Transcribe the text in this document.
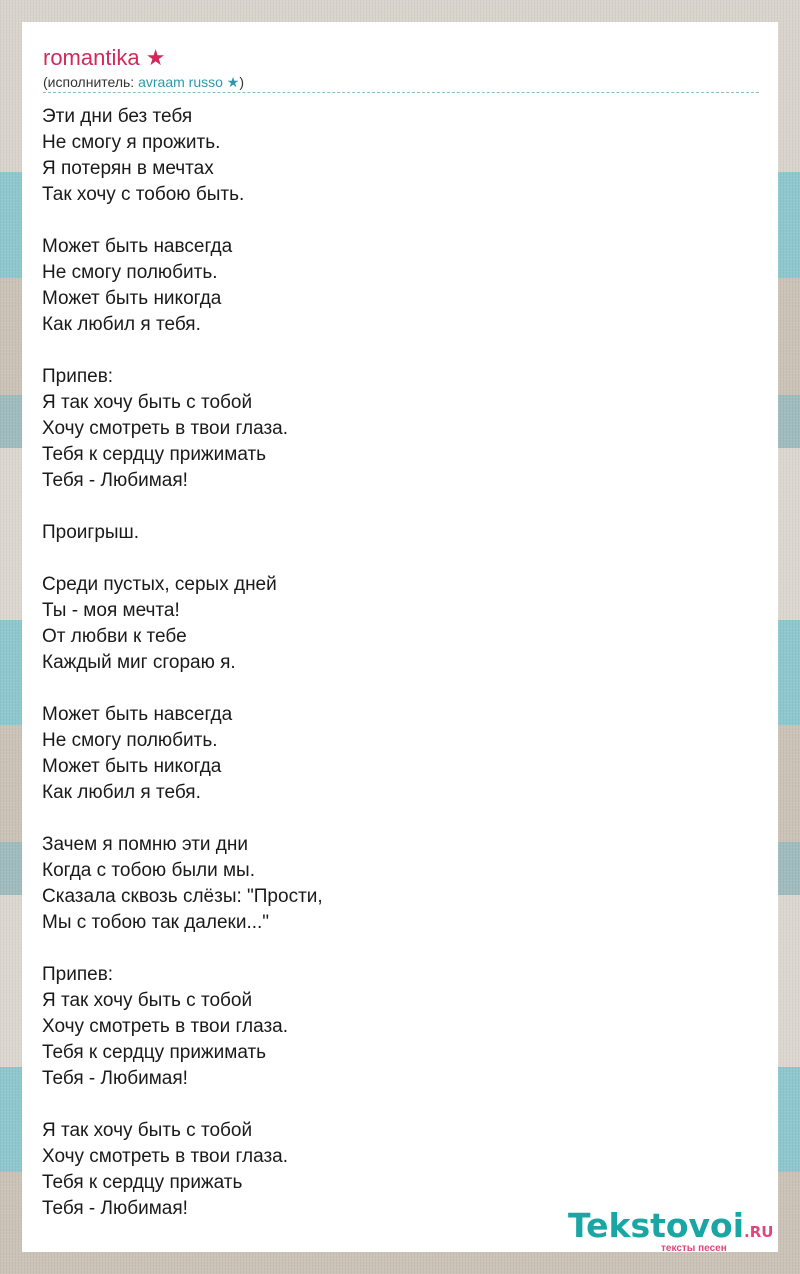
romantika ★
(исполнитель: avraam russo ★)
Эти дни без тебя
Не смогу я прожить.
Я потерян в мечтах
Так хочу с тобою быть.
Может быть навсегда
Не смогу полюбить.
Может быть никогда
Как любил я тебя.
Припев:
Я так хочу быть с тобой
Хочу смотреть в твои глаза.
Тебя к сердцу прижимать
Тебя - Любимая!
Проигрыш.
Среди пустых, серых дней
Ты - моя мечта!
От любви к тебе
Каждый миг сгораю я.
Может быть навсегда
Не смогу полюбить.
Может быть никогда
Как любил я тебя.
Зачем я помню эти дни
Когда с тобою были мы.
Сказала сквозь слёзы: "Прости,
Мы с тобою так далеки..."
Припев:
Я так хочу быть с тобой
Хочу смотреть в твои глаза.
Тебя к сердцу прижимать
Тебя - Любимая!
Я так хочу быть с тобой
Хочу смотреть в твои глаза.
Тебя к сердцу прижать
Тебя - Любимая!	Tekstovoi.RU
тексты песен
